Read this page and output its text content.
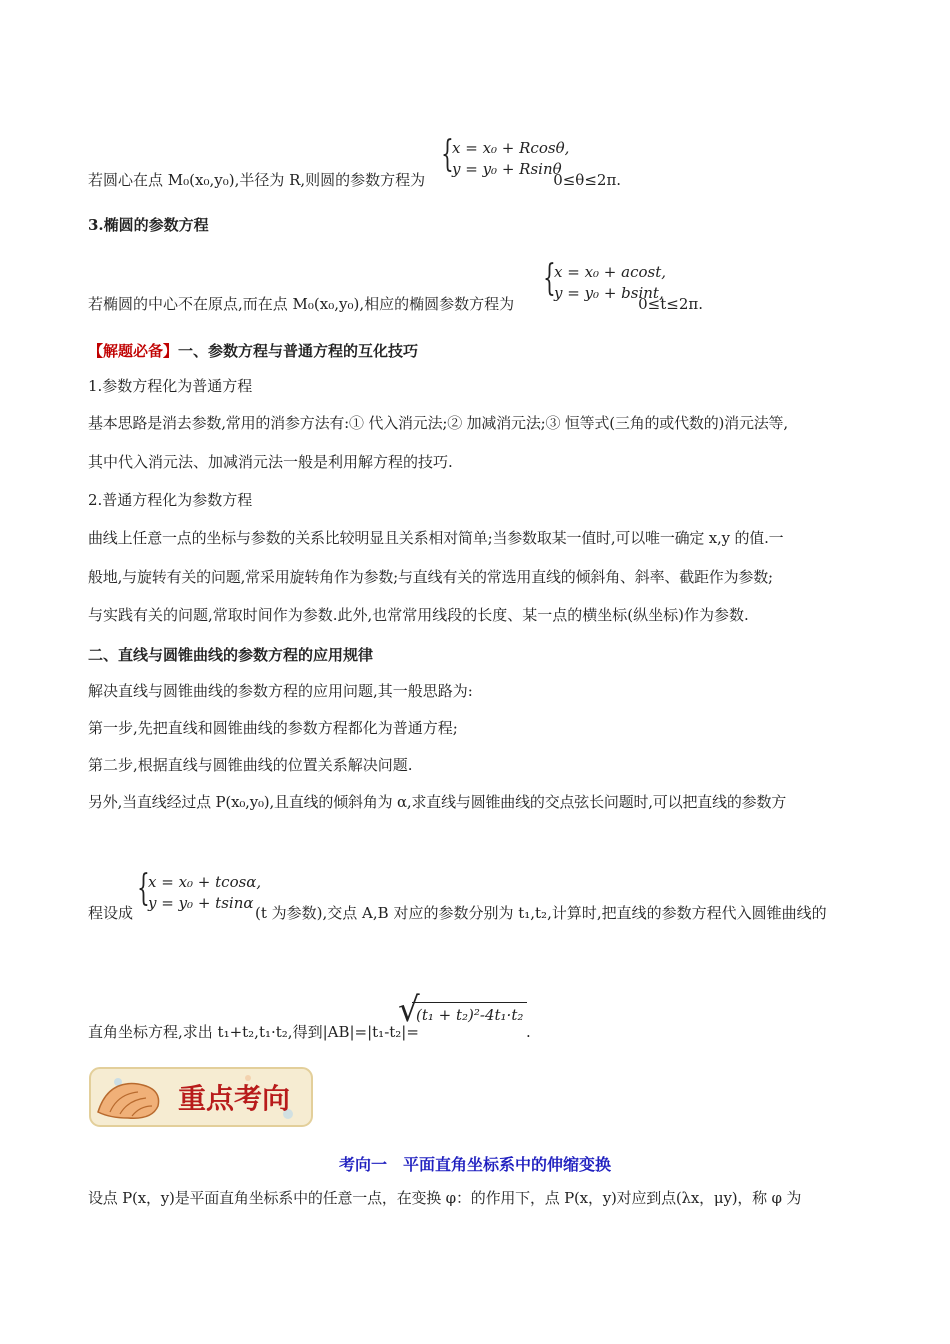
{
x = x₀ + Rcosθ,
y = y₀ + Rsinθ
若圆心在点 M₀(x₀,y₀),半径为 R,则圆的参数方程为	0≤θ≤2π.
3.椭圆的参数方程
{
x = x₀ + acost,
y = y₀ + bsint,
若椭圆的中心不在原点,而在点 M₀(x₀,y₀),相应的椭圆参数方程为	0≤t≤2π.
【解题必备】一、参数方程与普通方程的互化技巧
1.参数方程化为普通方程
基本思路是消去参数,常用的消参方法有:① 代入消元法;② 加减消元法;③ 恒等式(三角的或代数的)消元法等,
其中代入消元法、加减消元法一般是利用解方程的技巧.
2.普通方程化为参数方程
曲线上任意一点的坐标与参数的关系比较明显且关系相对简单;当参数取某一值时,可以唯一确定 x,y 的值.一
般地,与旋转有关的问题,常采用旋转角作为参数;与直线有关的常选用直线的倾斜角、斜率、截距作为参数;
与实践有关的问题,常取时间作为参数.此外,也常常用线段的长度、某一点的横坐标(纵坐标)作为参数.
二、直线与圆锥曲线的参数方程的应用规律
解决直线与圆锥曲线的参数方程的应用问题,其一般思路为:
第一步,先把直线和圆锥曲线的参数方程都化为普通方程;
第二步,根据直线与圆锥曲线的位置关系解决问题.
另外,当直线经过点 P(x₀,y₀),且直线的倾斜角为 α,求直线与圆锥曲线的交点弦长问题时,可以把直线的参数方
{
x = x₀ + tcosα,
y = y₀ + tsinα
程设成	(t 为参数),交点 A,B 对应的参数分别为 t₁,t₂,计算时,把直线的参数方程代入圆锥曲线的
直角坐标方程,求出 t₁+t₂,t₁·t₂,得到|AB|=|t₁-t₂|=
√
(t₁ + t₂)²-4t₁·t₂
.
重点考向
考向一　平面直角坐标系中的伸缩变换
设点 P(x，y)是平面直角坐标系中的任意一点，在变换 φ：的作用下，点 P(x，y)对应到点(λx，μy)，称 φ 为
